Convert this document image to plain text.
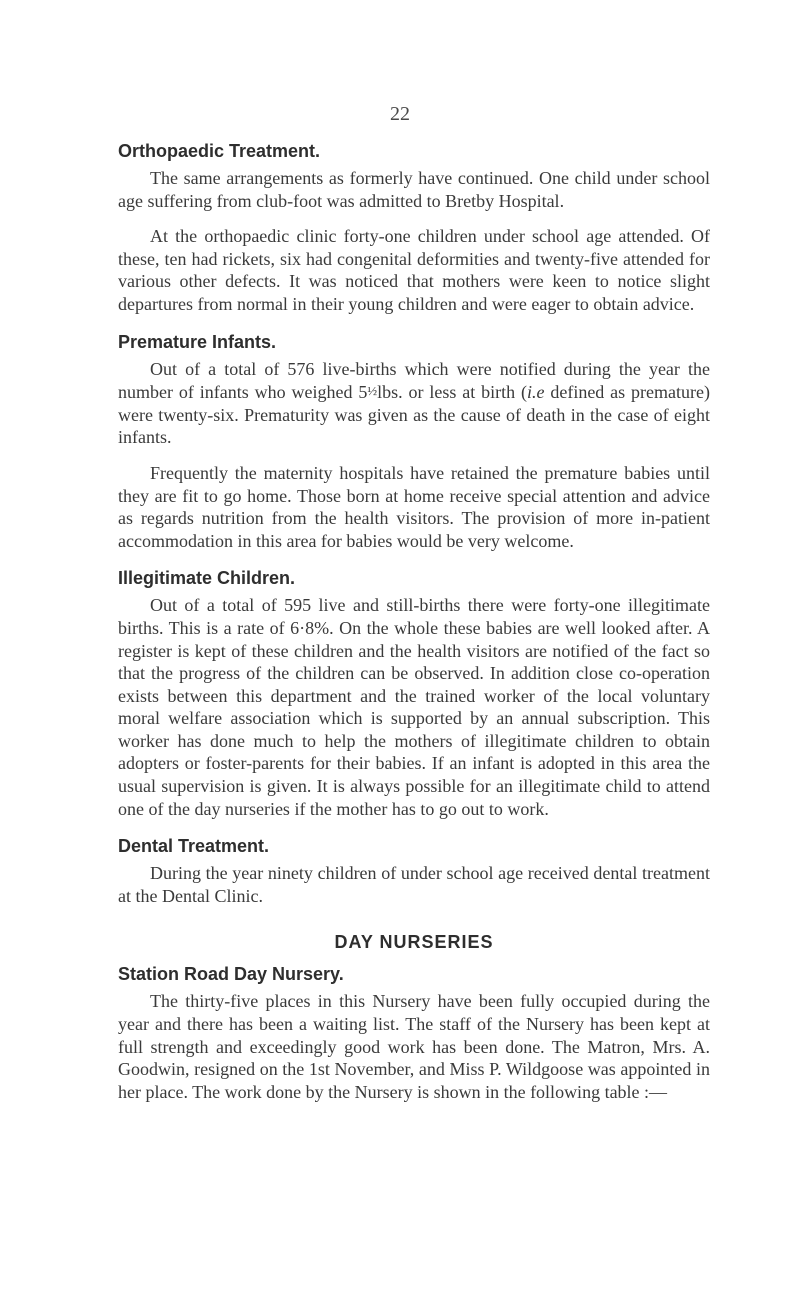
22
Orthopaedic Treatment.

The same arrangements as formerly have continued. One child under school age suffering from club-foot was admitted to Bretby Hospital.

At the orthopaedic clinic forty-one children under school age attended. Of these, ten had rickets, six had congenital deformities and twenty-five attended for various other defects. It was noticed that mothers were keen to notice slight departures from normal in their young children and were eager to obtain advice.

Premature Infants.

Out of a total of 576 live-births which were notified during the year the number of infants who weighed 5½lbs. or less at birth (i.e defined as premature) were twenty-six. Prematurity was given as the cause of death in the case of eight infants.

Frequently the maternity hospitals have retained the premature babies until they are fit to go home. Those born at home receive special attention and advice as regards nutrition from the health visitors. The provision of more in-patient accommodation in this area for babies would be very welcome.

Illegitimate Children.

Out of a total of 595 live and still-births there were forty-one illegitimate births. This is a rate of 6·8%. On the whole these babies are well looked after. A register is kept of these children and the health visitors are notified of the fact so that the progress of the children can be observed. In addition close co-operation exists between this department and the trained worker of the local voluntary moral welfare association which is supported by an annual subscription. This worker has done much to help the mothers of illegitimate children to obtain adopters or foster-parents for their babies. If an infant is adopted in this area the usual supervision is given. It is always possible for an illegitimate child to attend one of the day nurseries if the mother has to go out to work.

Dental Treatment.

During the year ninety children of under school age received dental treatment at the Dental Clinic.

DAY NURSERIES
Station Road Day Nursery.

The thirty-five places in this Nursery have been fully occupied during the year and there has been a waiting list. The staff of the Nursery has been kept at full strength and exceedingly good work has been done. The Matron, Mrs. A. Goodwin, resigned on the 1st November, and Miss P. Wildgoose was appointed in her place. The work done by the Nursery is shown in the following table :—
